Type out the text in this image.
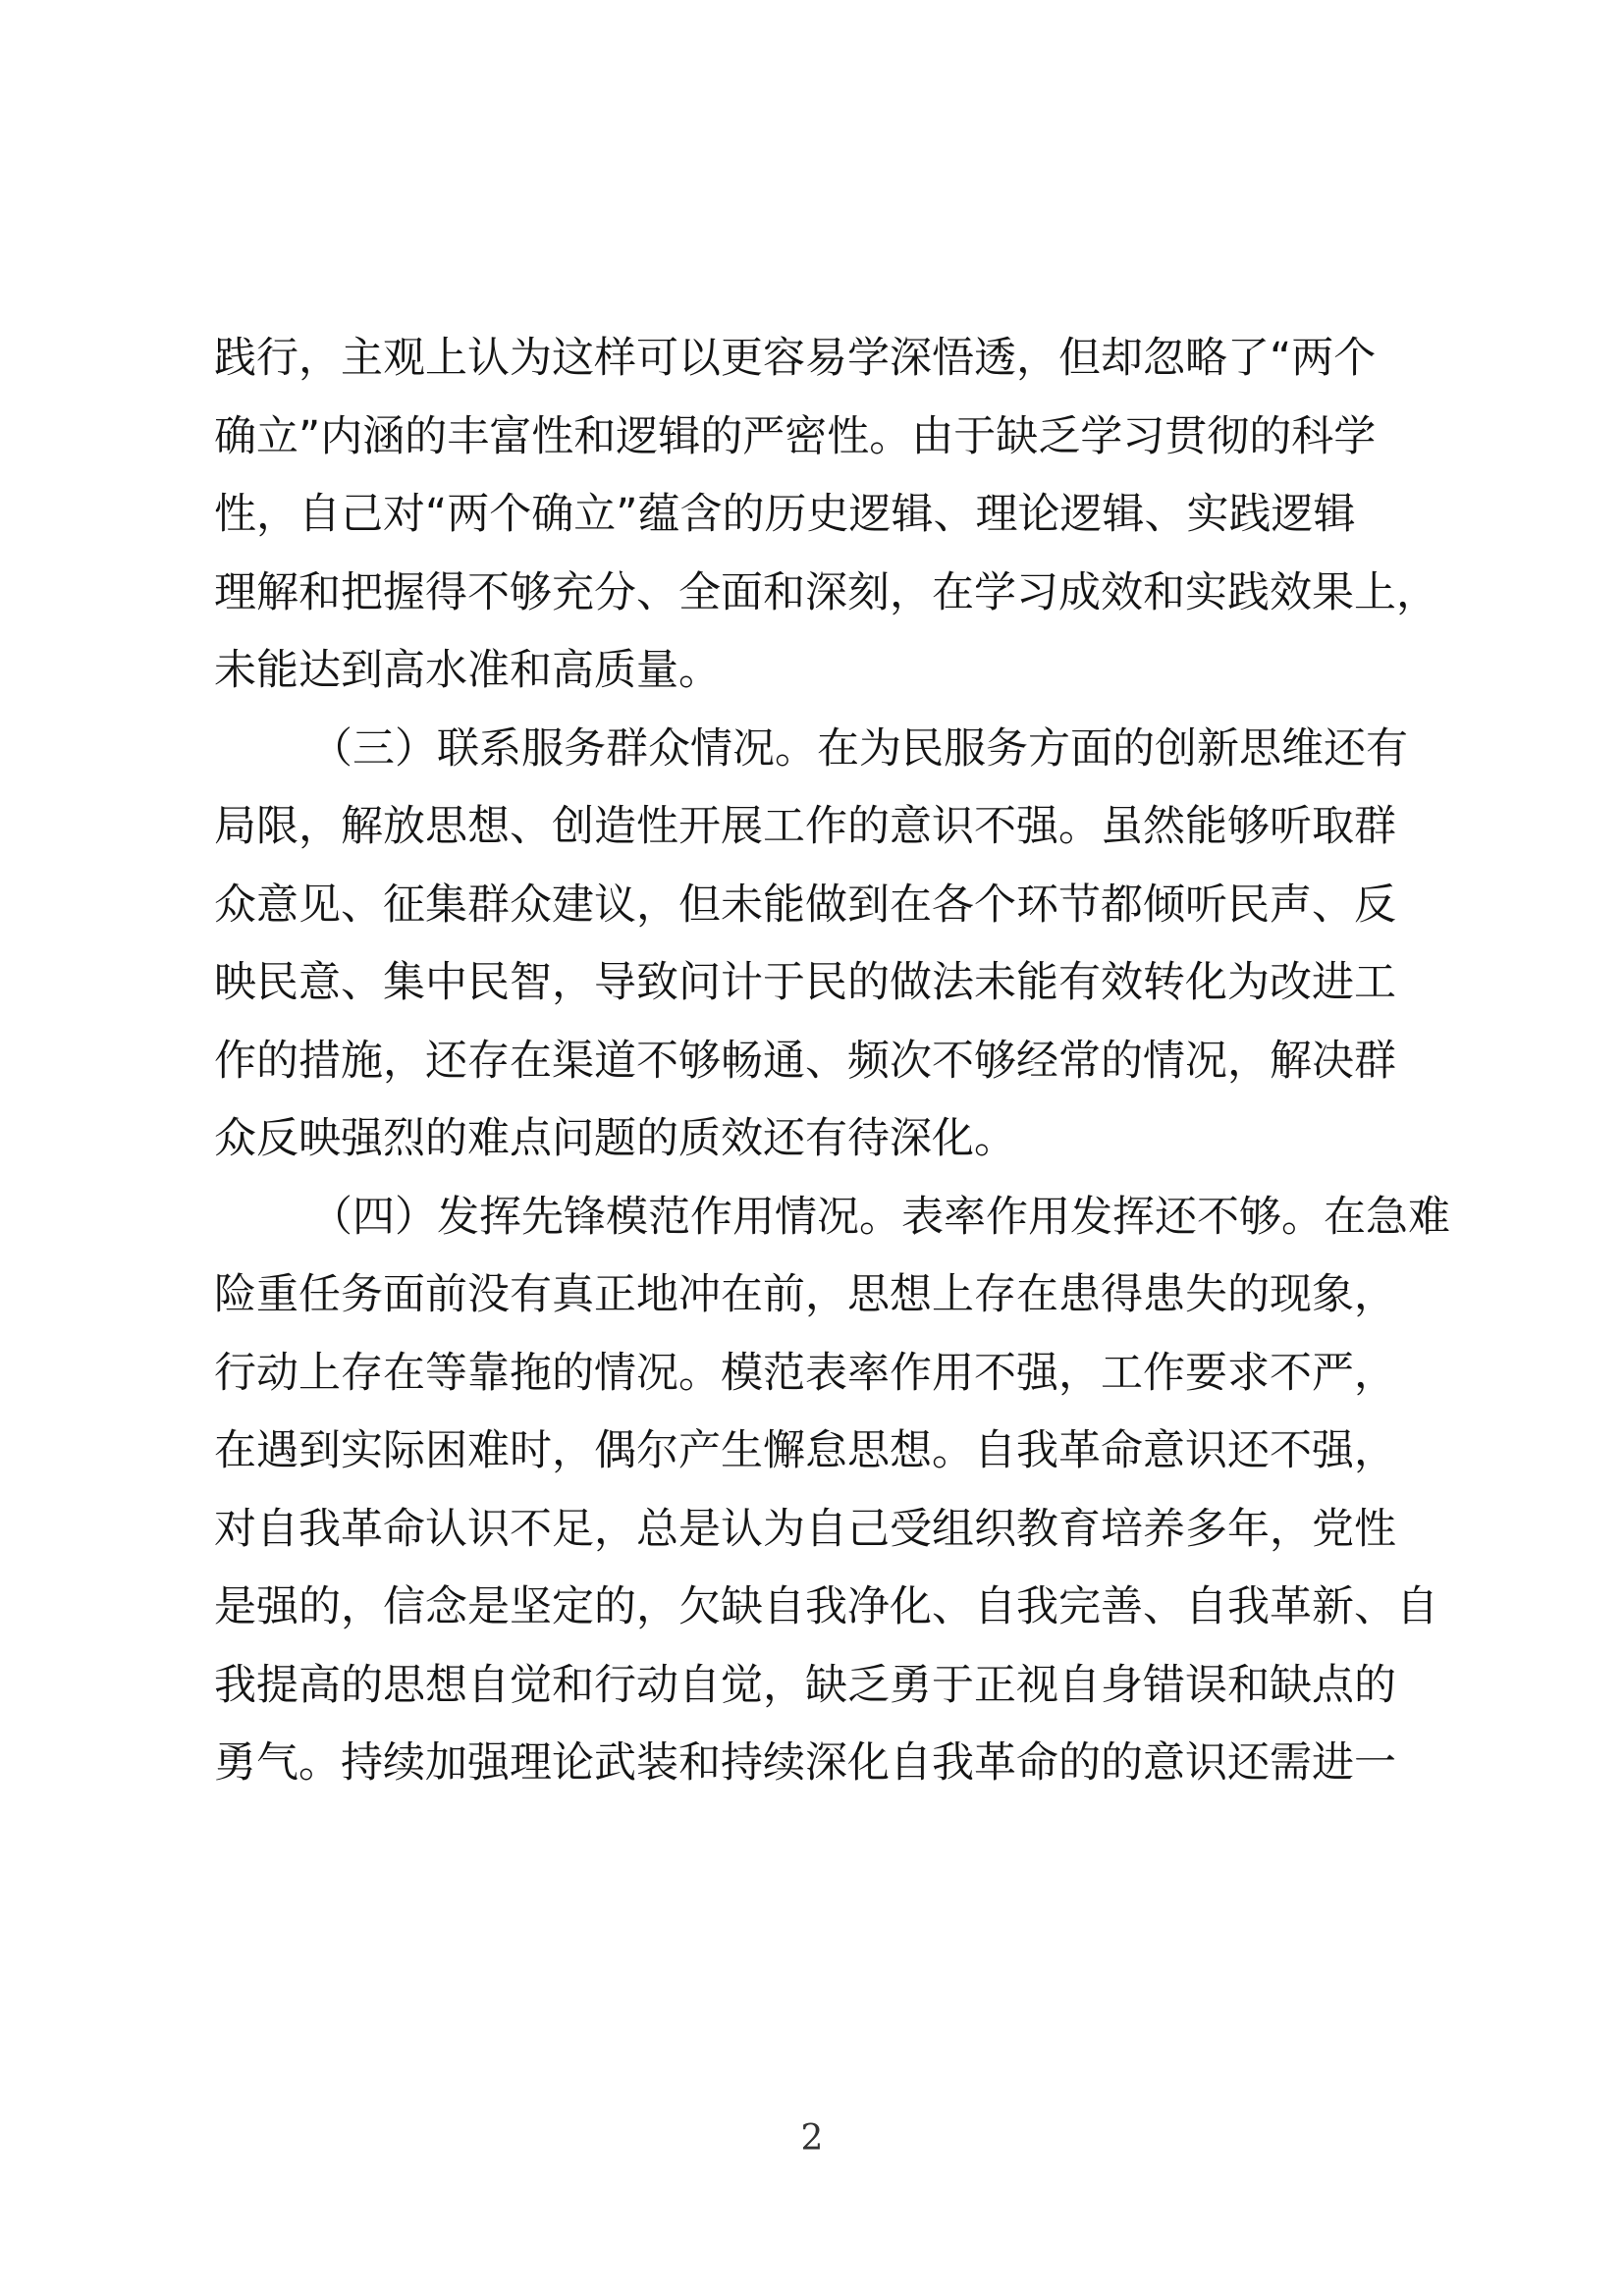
践行，主观上认为这样可以更容易学深悟透，但却忽略了“两个
确立”内涵的丰富性和逻辑的严密性。由于缺乏学习贯彻的科学
性，自己对“两个确立”蕴含的历史逻辑、理论逻辑、实践逻辑
理解和把握得不够充分、全面和深刻，在学习成效和实践效果上，
未能达到高水准和高质量。
（三）联系服务群众情况。在为民服务方面的创新思维还有
局限，解放思想、创造性开展工作的意识不强。虽然能够听取群
众意见、征集群众建议，但未能做到在各个环节都倾听民声、反
映民意、集中民智，导致问计于民的做法未能有效转化为改进工
作的措施，还存在渠道不够畅通、频次不够经常的情况，解决群
众反映强烈的难点问题的质效还有待深化。
（四）发挥先锋模范作用情况。表率作用发挥还不够。在急难
险重任务面前没有真正地冲在前，思想上存在患得患失的现象，
行动上存在等靠拖的情况。模范表率作用不强，工作要求不严，
在遇到实际困难时，偶尔产生懈怠思想。自我革命意识还不强，
对自我革命认识不足，总是认为自己受组织教育培养多年，党性
是强的，信念是坚定的，欠缺自我净化、自我完善、自我革新、自
我提高的思想自觉和行动自觉，缺乏勇于正视自身错误和缺点的
勇气。持续加强理论武装和持续深化自我革命的的意识还需进一
2
